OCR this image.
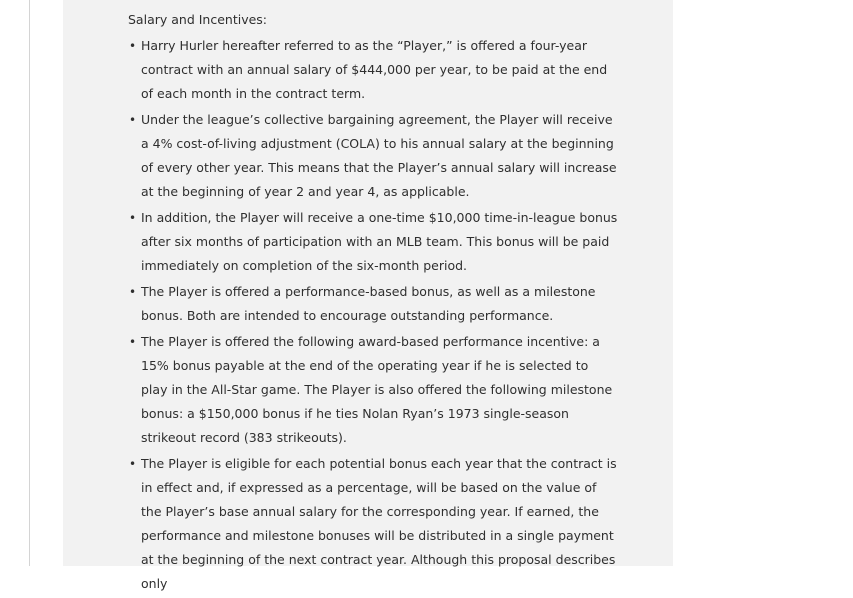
Salary and Incentives:
• Harry Hurler hereafter referred to as the “Player,” is offered a four-year contract with an annual salary of $444,000 per year, to be paid at the end of each month in the contract term.
• Under the league’s collective bargaining agreement, the Player will receive a 4% cost-of-living adjustment (COLA) to his annual salary at the beginning of every other year. This means that the Player’s annual salary will increase at the beginning of year 2 and year 4, as applicable.
• In addition, the Player will receive a one-time $10,000 time-in-league bonus after six months of participation with an MLB team. This bonus will be paid immediately on completion of the six-month period.
• The Player is offered a performance-based bonus, as well as a milestone bonus. Both are intended to encourage outstanding performance.
• The Player is offered the following award-based performance incentive: a 15% bonus payable at the end of the operating year if he is selected to play in the All-Star game. The Player is also offered the following milestone bonus: a $150,000 bonus if he ties Nolan Ryan’s 1973 single-season strikeout record (383 strikeouts).
• The Player is eligible for each potential bonus each year that the contract is in effect and, if expressed as a percentage, will be based on the value of the Player’s base annual salary for the corresponding year. If earned, the performance and milestone bonuses will be distributed in a single payment at the beginning of the next contract year. Although this proposal describes only
